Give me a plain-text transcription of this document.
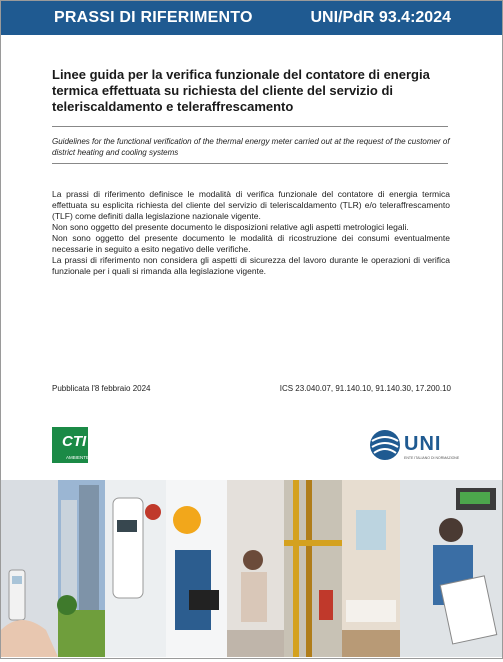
PRASSI DI RIFERIMENTO	UNI/PdR 93.4:2024
Linee guida per la verifica funzionale del contatore di energia termica effettuata su richiesta del cliente del servizio di teleriscaldamento e teleraffrescamento
Guidelines for the functional verification of the thermal energy meter carried out at the request of the customer of district heating and cooling systems

La prassi di riferimento definisce le modalità di verifica funzionale del contatore di energia termica effettuata su esplicita richiesta del cliente del servizio di teleriscaldamento (TLR) e/o teleraffrescamento (TLF) come definiti dalla legislazione nazionale vigente.

Non sono oggetto del presente documento le disposizioni relative agli aspetti metrologici legali.

Non sono oggetto del presente documento le modalità di ricostruzione dei consumi eventualmente necessarie in seguito a esito negativo delle verifiche.

La prassi di riferimento non considera gli aspetti di sicurezza del lavoro durante le operazioni di verifica funzionale per i quali si rimanda alla legislazione vigente.

Pubblicata l'8 febbraio 2024	ICS 23.040.07, 91.140.10, 91.140.30, 17.200.10
CTI
AMBIENTE
UNI
ENTE ITALIANO DI NORMAZIONE
